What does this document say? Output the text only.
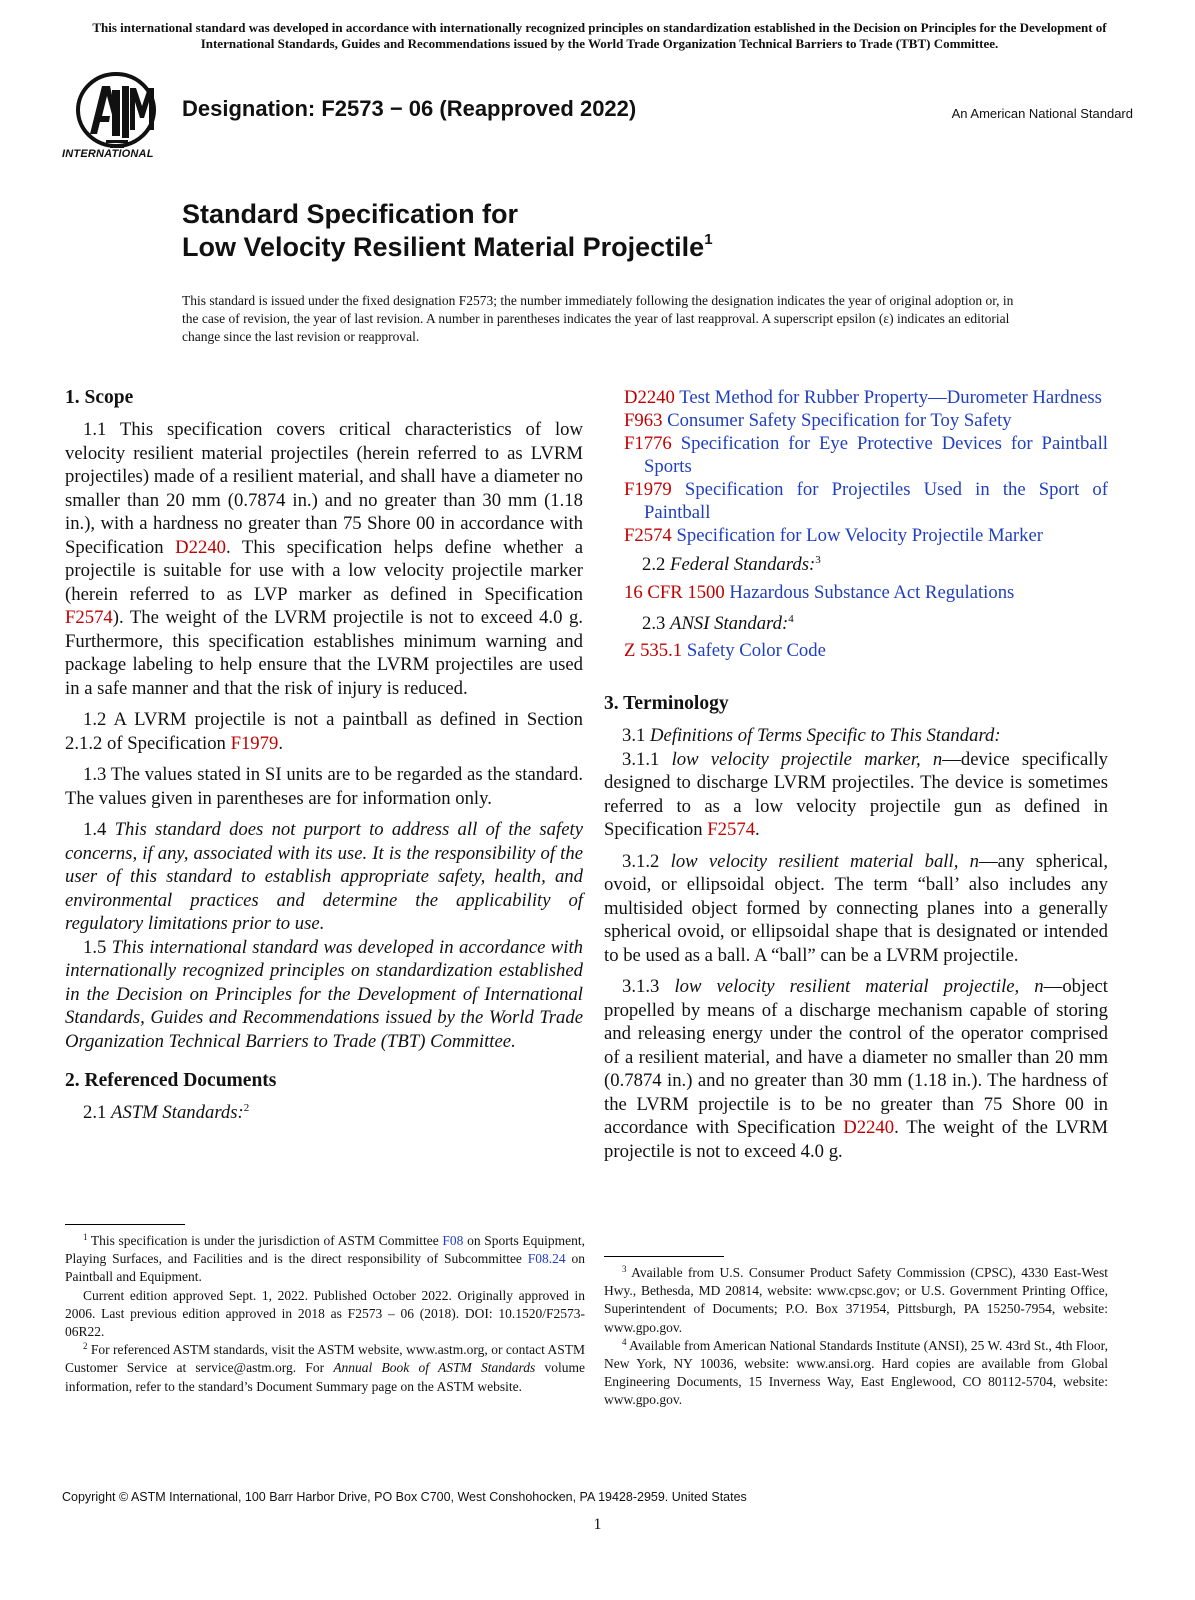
This international standard was developed in accordance with internationally recognized principles on standardization established in the Decision on Principles for the Development of International Standards, Guides and Recommendations issued by the World Trade Organization Technical Barriers to Trade (TBT) Committee.
INTERNATIONAL
Designation: F2573 − 06 (Reapproved 2022)	An American National Standard
Standard Specification for
Low Velocity Resilient Material Projectile$^1$
This standard is issued under the fixed designation F2573; the number immediately following the designation indicates the year of original adoption or, in the case of revision, the year of last revision. A number in parentheses indicates the year of last reapproval. A superscript epsilon (ε) indicates an editorial change since the last revision or reapproval.
1. Scope

1.1 This specification covers critical characteristics of low velocity resilient material projectiles (herein referred to as LVRM projectiles) made of a resilient material, and shall have a diameter no smaller than 20 mm (0.7874 in.) and no greater than 30 mm (1.18 in.), with a hardness no greater than 75 Shore 00 in accordance with Specification D2240. This specification helps define whether a projectile is suitable for use with a low velocity projectile marker (herein referred to as LVP marker as defined in Specification F2574). The weight of the LVRM projectile is not to exceed 4.0 g. Furthermore, this specification establishes minimum warning and package labeling to help ensure that the LVRM projectiles are used in a safe manner and that the risk of injury is reduced.

1.2 A LVRM projectile is not a paintball as defined in Section 2.1.2 of Specification F1979.

1.3 The values stated in SI units are to be regarded as the standard. The values given in parentheses are for information only.

1.4 This standard does not purport to address all of the safety concerns, if any, associated with its use. It is the responsibility of the user of this standard to establish appropriate safety, health, and environmental practices and determine the applicability of regulatory limitations prior to use.

1.5 This international standard was developed in accordance with internationally recognized principles on standardization established in the Decision on Principles for the Development of International Standards, Guides and Recommendations issued by the World Trade Organization Technical Barriers to Trade (TBT) Committee.

2. Referenced Documents

2.1 ASTM Standards:$^2$

D2240 Test Method for Rubber Property—Durometer Hardness
F963 Consumer Safety Specification for Toy Safety
F1776 Specification for Eye Protective Devices for Paintball Sports
F1979 Specification for Projectiles Used in the Sport of Paintball
F2574 Specification for Low Velocity Projectile Marker

2.2 Federal Standards:$^3$

16 CFR 1500 Hazardous Substance Act Regulations

2.3 ANSI Standard:$^4$

Z 535.1 Safety Color Code
3. Terminology

3.1 Definitions of Terms Specific to This Standard:

3.1.1 low velocity projectile marker, n—device specifically designed to discharge LVRM projectiles. The device is sometimes referred to as a low velocity projectile gun as defined in Specification F2574.

3.1.2 low velocity resilient material ball, n—any spherical, ovoid, or ellipsoidal object. The term “ball’ also includes any multisided object formed by connecting planes into a generally spherical ovoid, or ellipsoidal shape that is designated or intended to be used as a ball. A “ball” can be a LVRM projectile.

3.1.3 low velocity resilient material projectile, n—object propelled by means of a discharge mechanism capable of storing and releasing energy under the control of the operator comprised of a resilient material, and have a diameter no smaller than 20 mm (0.7874 in.) and no greater than 30 mm (1.18 in.). The hardness of the LVRM projectile is to be no greater than 75 Shore 00 in accordance with Specification D2240. The weight of the LVRM projectile is not to exceed 4.0 g.

$^1$ This specification is under the jurisdiction of ASTM Committee F08 on Sports Equipment, Playing Surfaces, and Facilities and is the direct responsibility of Subcommittee F08.24 on Paintball and Equipment.

Current edition approved Sept. 1, 2022. Published October 2022. Originally approved in 2006. Last previous edition approved in 2018 as F2573 – 06 (2018). DOI: 10.1520/F2573-06R22.

$^2$ For referenced ASTM standards, visit the ASTM website, www.astm.org, or contact ASTM Customer Service at service@astm.org. For Annual Book of ASTM Standards volume information, refer to the standard’s Document Summary page on the ASTM website.

$^3$ Available from U.S. Consumer Product Safety Commission (CPSC), 4330 East-West Hwy., Bethesda, MD 20814, website: www.cpsc.gov; or U.S. Government Printing Office, Superintendent of Documents; P.O. Box 371954, Pittsburgh, PA 15250-7954, website: www.gpo.gov.

$^4$ Available from American National Standards Institute (ANSI), 25 W. 43rd St., 4th Floor, New York, NY 10036, website: www.ansi.org. Hard copies are available from Global Engineering Documents, 15 Inverness Way, East Englewood, CO 80112-5704, website: www.gpo.gov.

Copyright © ASTM International, 100 Barr Harbor Drive, PO Box C700, West Conshohocken, PA 19428-2959. United States
1
